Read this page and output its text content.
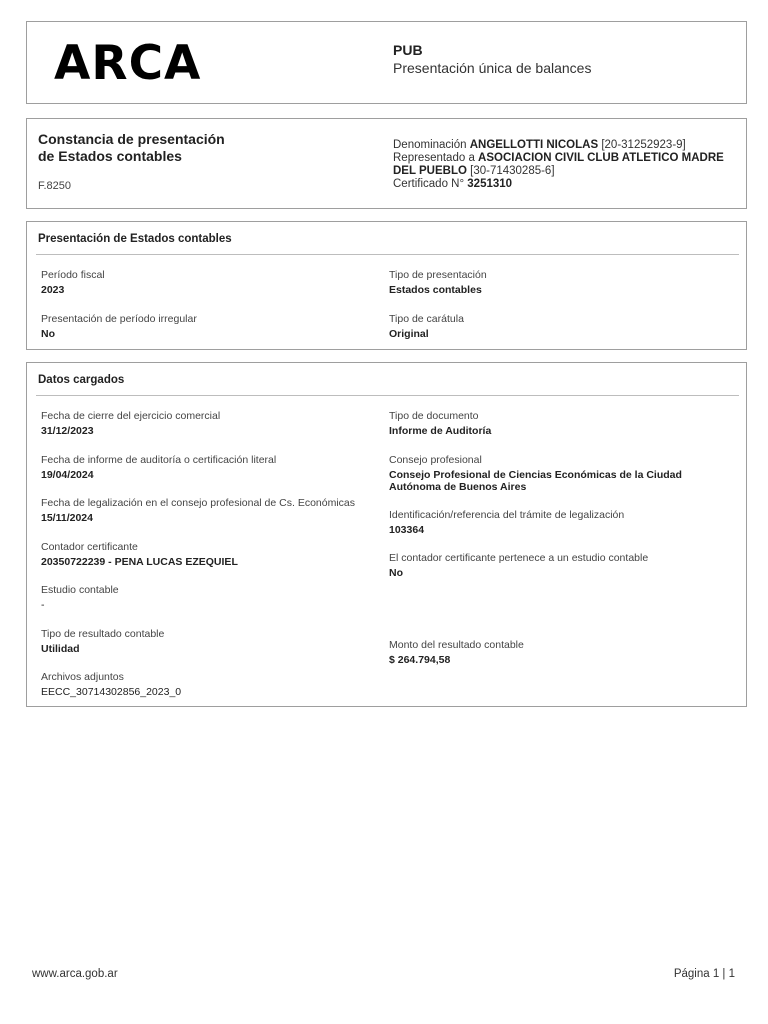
ARCA	PUB
Presentación única de balances
Constancia de presentación
de Estados contables
F.8250
Denominación ANGELLOTTI NICOLAS [20-31252923-9]
Representado a ASOCIACION CIVIL CLUB ATLETICO MADRE DEL PUEBLO [30-71430285-6]
Certificado N° 3251310
Presentación de Estados contables
Período fiscal
2023
Tipo de presentación
Estados contables
Presentación de período irregular
No
Tipo de carátula
Original
Datos cargados
Fecha de cierre del ejercicio comercial
31/12/2023
Tipo de documento
Informe de Auditoría
Fecha de informe de auditoría o certificación literal
19/04/2024
Consejo profesional
Consejo Profesional de Ciencias Económicas de la Ciudad Autónoma de Buenos Aires
Fecha de legalización en el consejo profesional de Cs. Económicas
15/11/2024	Identificación/referencia del trámite de legalización
103364
Contador certificante
20350722239 - PENA LUCAS EZEQUIEL	El contador certificante pertenece a un estudio contable
No
Estudio contable
-
Tipo de resultado contable
Utilidad	Monto del resultado contable
$ 264.794,58
Archivos adjuntos
EECC_30714302856_2023_0
www.arca.gob.ar	Página 1 | 1
